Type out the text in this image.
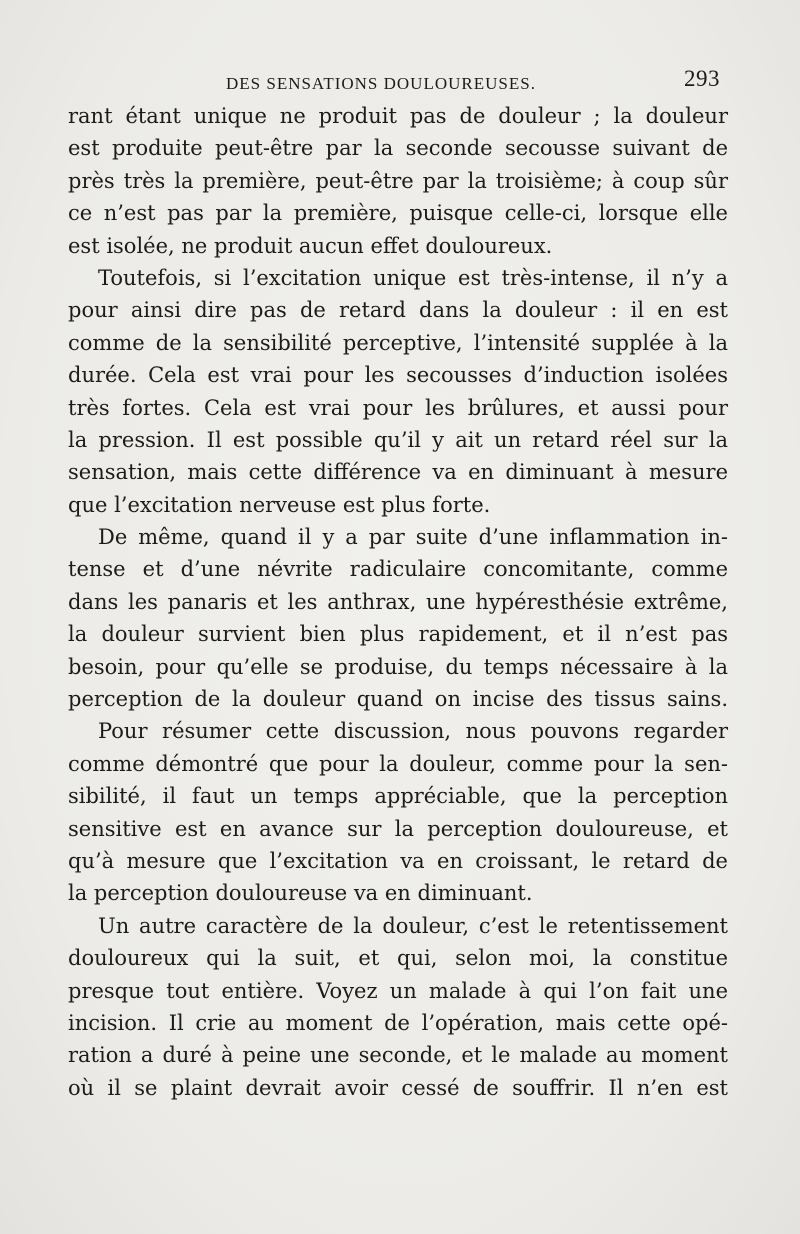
DES SENSATIONS DOULOUREUSES.	293
rant étant unique ne produit pas de douleur ; la douleur
est produite peut-être par la seconde secousse suivant de
près très la première, peut-être par la troisième; à coup sûr
ce n’est pas par la première, puisque celle-ci, lorsque elle
est isolée, ne produit aucun effet douloureux.
Toutefois, si l’excitation unique est très-intense, il n’y a
pour ainsi dire pas de retard dans la douleur : il en est
comme de la sensibilité perceptive, l’intensité supplée à la
durée. Cela est vrai pour les secousses d’induction isolées
très fortes. Cela est vrai pour les brûlures, et aussi pour
la pression. Il est possible qu’il y ait un retard réel sur la
sensation, mais cette différence va en diminuant à mesure
que l’excitation nerveuse est plus forte.
De même, quand il y a par suite d’une inflammation in-
tense et d’une névrite radiculaire concomitante, comme
dans les panaris et les anthrax, une hypéresthésie extrême,
la douleur survient bien plus rapidement, et il n’est pas
besoin, pour qu’elle se produise, du temps nécessaire à la
perception de la douleur quand on incise des tissus sains.
Pour résumer cette discussion, nous pouvons regarder
comme démontré que pour la douleur, comme pour la sen-
sibilité, il faut un temps appréciable, que la perception
sensitive est en avance sur la perception douloureuse, et
qu’à mesure que l’excitation va en croissant, le retard de
la perception douloureuse va en diminuant.
Un autre caractère de la douleur, c’est le retentissement
douloureux qui la suit, et qui, selon moi, la constitue
presque tout entière. Voyez un malade à qui l’on fait une
incision. Il crie au moment de l’opération, mais cette opé-
ration a duré à peine une seconde, et le malade au moment
où il se plaint devrait avoir cessé de souffrir. Il n’en est
